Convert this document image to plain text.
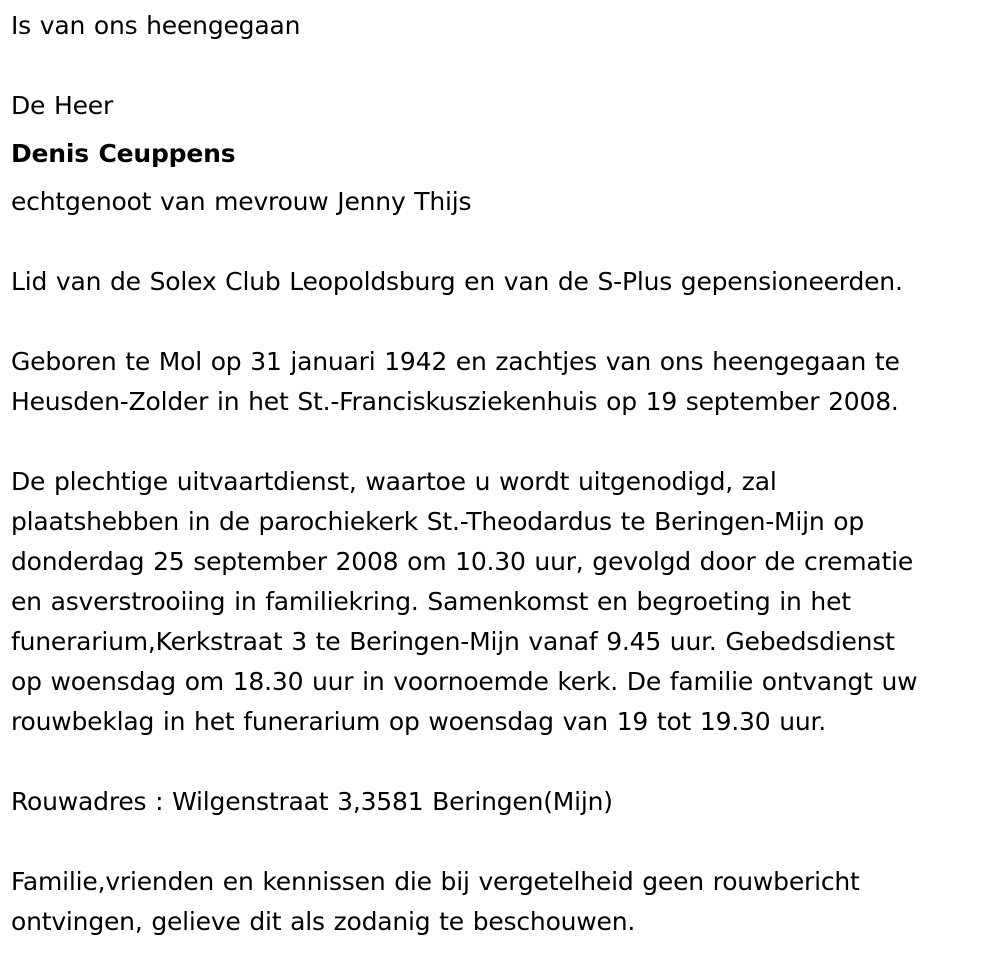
Is van ons heengegaan

De Heer

Denis Ceuppens

echtgenoot van mevrouw Jenny Thijs

Lid van de Solex Club Leopoldsburg en van de S-Plus gepensioneerden.

Geboren te Mol op 31 januari 1942 en zachtjes van ons heengegaan te

Heusden-Zolder in het St.-Franciskusziekenhuis op 19 september 2008.

De plechtige uitvaartdienst, waartoe u wordt uitgenodigd, zal

plaatshebben in de parochiekerk St.-Theodardus te Beringen-Mijn op

donderdag 25 september 2008 om 10.30 uur, gevolgd door de crematie

en asverstrooiing in familiekring. Samenkomst en begroeting in het

funerarium,Kerkstraat 3 te Beringen-Mijn vanaf 9.45 uur. Gebedsdienst

op woensdag om 18.30 uur in voornoemde kerk. De familie ontvangt uw

rouwbeklag in het funerarium op woensdag van 19 tot 19.30 uur.

Rouwadres : Wilgenstraat 3,3581 Beringen(Mijn)

Familie,vrienden en kennissen die bij vergetelheid geen rouwbericht

ontvingen, gelieve dit als zodanig te beschouwen.
